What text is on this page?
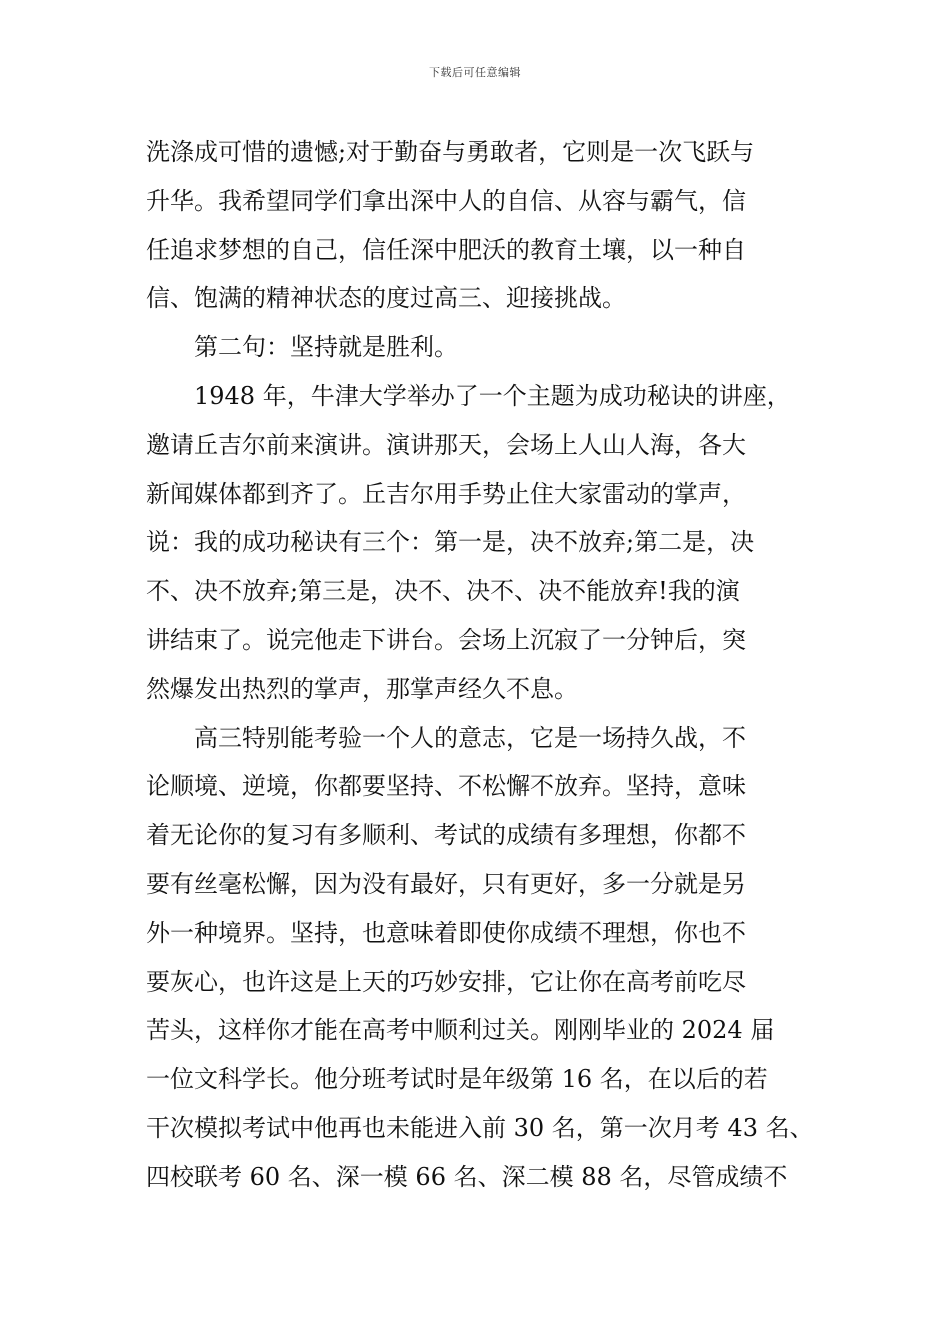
下载后可任意编辑
洗涤成可惜的遗憾;对于勤奋与勇敢者，它则是一次飞跃与
升华。我希望同学们拿出深中人的自信、从容与霸气，信
任追求梦想的自己，信任深中肥沃的教育土壤，以一种自
信、饱满的精神状态的度过高三、迎接挑战。
第二句：坚持就是胜利。
1948 年，牛津大学举办了一个主题为成功秘诀的讲座，
邀请丘吉尔前来演讲。演讲那天，会场上人山人海，各大
新闻媒体都到齐了。丘吉尔用手势止住大家雷动的掌声，
说：我的成功秘诀有三个：第一是，决不放弃;第二是，决
不、决不放弃;第三是，决不、决不、决不能放弃!我的演
讲结束了。说完他走下讲台。会场上沉寂了一分钟后，突
然爆发出热烈的掌声，那掌声经久不息。
高三特别能考验一个人的意志，它是一场持久战，不
论顺境、逆境，你都要坚持、不松懈不放弃。坚持，意味
着无论你的复习有多顺利、考试的成绩有多理想，你都不
要有丝毫松懈，因为没有最好，只有更好，多一分就是另
外一种境界。坚持，也意味着即使你成绩不理想，你也不
要灰心，也许这是上天的巧妙安排，它让你在高考前吃尽
苦头，这样你才能在高考中顺利过关。刚刚毕业的 2024 届
一位文科学长。他分班考试时是年级第 16 名，在以后的若
干次模拟考试中他再也未能进入前 30 名，第一次月考 43 名、
四校联考 60 名、深一模 66 名、深二模 88 名，尽管成绩不
